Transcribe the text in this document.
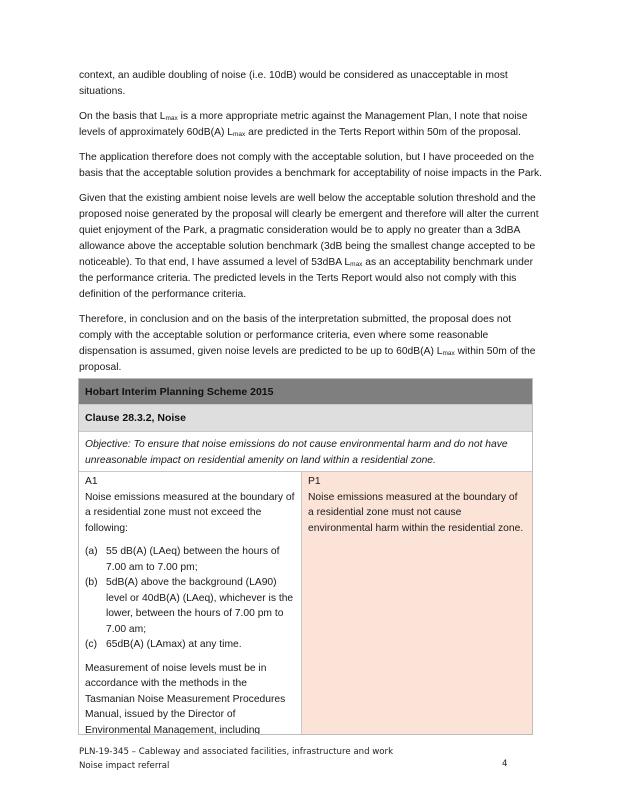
context, an audible doubling of noise (i.e. 10dB) would be considered as unacceptable in most situations.

On the basis that $L_{max}$ is a more appropriate metric against the Management Plan, I note that noise levels of approximately 60dB(A) $L_{max}$ are predicted in the Terts Report within 50m of the proposal.

The application therefore does not comply with the acceptable solution, but I have proceeded on the basis that the acceptable solution provides a benchmark for acceptability of noise impacts in the Park.

Given that the existing ambient noise levels are well below the acceptable solution threshold and the proposed noise generated by the proposal will clearly be emergent and therefore will alter the current quiet enjoyment of the Park, a pragmatic consideration would be to apply no greater than a 3dBA allowance above the acceptable solution benchmark (3dB being the smallest change accepted to be noticeable). To that end, I have assumed a level of 53dBA $L_{max}$ as an acceptability benchmark under the performance criteria. The predicted levels in the Terts Report would also not comply with this definition of the performance criteria.

Therefore, in conclusion and on the basis of the interpretation submitted, the proposal does not comply with the acceptable solution or performance criteria, even where some reasonable dispensation is assumed, given noise levels are predicted to be up to 60dB(A) $L_{max}$ within 50m of the proposal.

Hobart Interim Planning Scheme 2015
Clause 28.3.2, Noise
Objective: To ensure that noise emissions do not cause environmental harm and do not have unreasonable impact on residential amenity on land within a residential zone.
A1
Noise emissions measured at the boundary of a residential zone must not exceed the following:
(a) 55 dB(A) (LAeq) between the hours of 7.00 am to 7.00 pm;
(b) 5dB(A) above the background (LA90) level or 40dB(A) (LAeq), whichever is the lower, between the hours of 7.00 pm to 7.00 am;
(c) 65dB(A) (LAmax) at any time.
Measurement of noise levels must be in accordance with the methods in the Tasmanian Noise Measurement Procedures Manual, issued by the Director of Environmental Management, including
P1
Noise emissions measured at the boundary of a residential zone must not cause environmental harm within the residential zone.
PLN-19-345 – Cableway and associated facilities, infrastructure and work
Noise impact referral	4
